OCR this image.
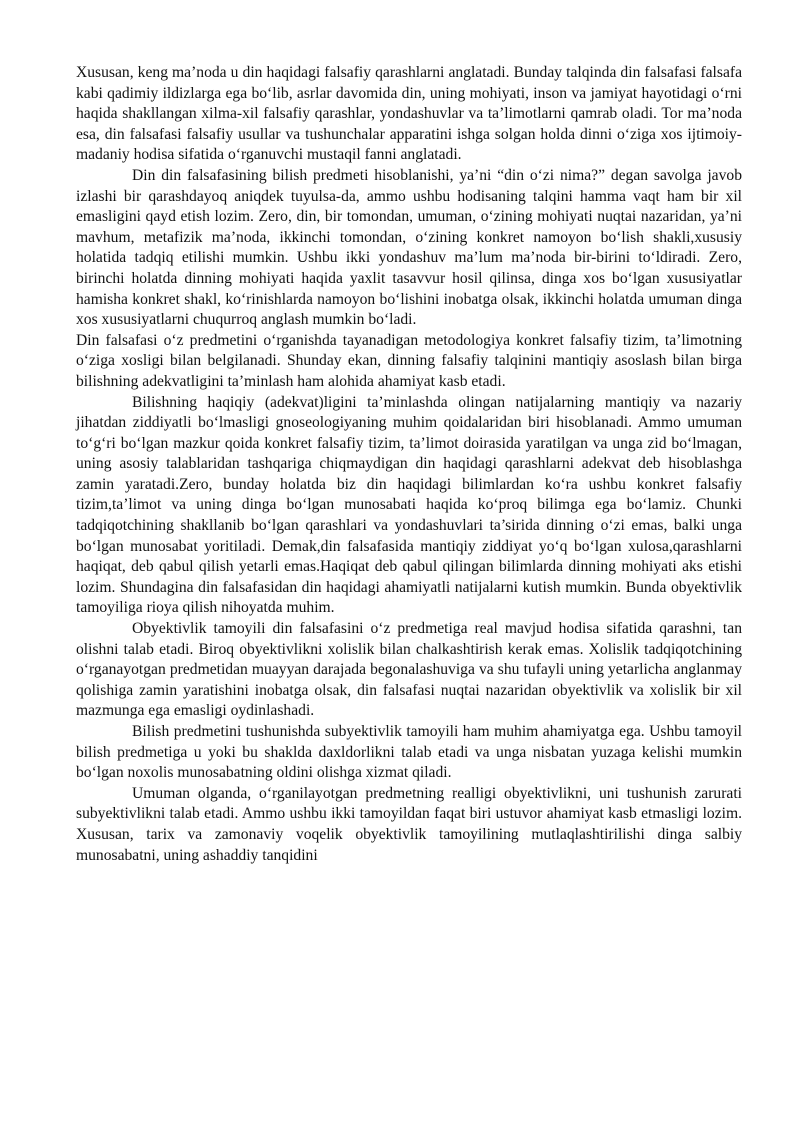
Xususan, keng ma’noda u din haqidagi falsafiy qarashlarni anglatadi. Bunday talqinda din falsafasi falsafa kabi qadimiy ildizlarga ega bo‘lib, asrlar davomida din, uning mohiyati, inson va jamiyat hayotidagi o‘rni haqida shakllangan xilma-xil falsafiy qarashlar, yondashuvlar va ta’limotlarni qamrab oladi. Tor ma’noda esa, din falsafasi falsafiy usullar va tushunchalar apparatini ishga solgan holda dinni o‘ziga xos ijtimoiy-madaniy hodisa sifatida o‘rganuvchi mustaqil fanni anglatadi.

Din din falsafasining bilish predmeti hisoblanishi, ya’ni “din o‘zi nima?” degan savolga javob izlashi bir qarashdayoq aniqdek tuyulsa-da, ammo ushbu hodisaning talqini hamma vaqt ham bir xil emasligini qayd etish lozim. Zero, din, bir tomondan, umuman, o‘zining mohiyati nuqtai nazaridan, ya’ni mavhum, metafizik ma’noda, ikkinchi tomondan, o‘zining konkret namoyon bo‘lish shakli,xususiy holatida tadqiq etilishi mumkin. Ushbu ikki yondashuv ma’lum ma’noda bir-birini to‘ldiradi. Zero, birinchi holatda dinning mohiyati haqida yaxlit tasavvur hosil qilinsa, dinga xos bo‘lgan xususiyatlar hamisha konkret shakl, ko‘rinishlarda namoyon bo‘lishini inobatga olsak, ikkinchi holatda umuman dinga xos xususiyatlarni chuqurroq anglash mumkin bo‘ladi.

Din falsafasi o‘z predmetini o‘rganishda tayanadigan metodologiya konkret falsafiy tizim, ta’limotning o‘ziga xosligi bilan belgilanadi. Shunday ekan, dinning falsafiy talqinini mantiqiy asoslash bilan birga bilishning adekvatligini ta’minlash ham alohida ahamiyat kasb etadi.

Bilishning haqiqiy (adekvat)ligini ta’minlashda olingan natijalarning mantiqiy va nazariy jihatdan ziddiyatli bo‘lmasligi gnoseologiyaning muhim qoidalaridan biri hisoblanadi. Ammo umuman to‘g‘ri bo‘lgan mazkur qoida konkret falsafiy tizim, ta’limot doirasida yaratilgan va unga zid bo‘lmagan, uning asosiy talablaridan tashqariga chiqmaydigan din haqidagi qarashlarni adekvat deb hisoblashga zamin yaratadi.Zero, bunday holatda biz din haqidagi bilimlardan ko‘ra ushbu konkret falsafiy tizim,ta’limot va uning dinga bo‘lgan munosabati haqida ko‘proq bilimga ega bo‘lamiz. Chunki tadqiqotchining shakllanib bo‘lgan qarashlari va yondashuvlari ta’sirida dinning o‘zi emas, balki unga bo‘lgan munosabat yoritiladi. Demak,din falsafasida mantiqiy ziddiyat yo‘q bo‘lgan xulosa,qarashlarni haqiqat, deb qabul qilish yetarli emas.Haqiqat deb qabul qilingan bilimlarda dinning mohiyati aks etishi lozim. Shundagina din falsafasidan din haqidagi ahamiyatli natijalarni kutish mumkin. Bunda obyektivlik tamoyiliga rioya qilish nihoyatda muhim.

Obyektivlik tamoyili din falsafasini o‘z predmetiga real mavjud hodisa sifatida qarashni, tan olishni talab etadi. Biroq obyektivlikni xolislik bilan chalkashtirish kerak emas. Xolislik tadqiqotchining o‘rganayotgan predmetidan muayyan darajada begonalashuviga va shu tufayli uning yetarlicha anglanmay qolishiga zamin yaratishini inobatga olsak, din falsafasi nuqtai nazaridan obyektivlik va xolislik bir xil mazmunga ega emasligi oydinlashadi.

Bilish predmetini tushunishda subyektivlik tamoyili ham muhim ahamiyatga ega. Ushbu tamoyil bilish predmetiga u yoki bu shaklda daxldorlikni talab etadi va unga nisbatan yuzaga kelishi mumkin bo‘lgan noxolis munosabatning oldini olishga xizmat qiladi.

Umuman olganda, o‘rganilayotgan predmetning realligi obyektivlikni, uni tushunish zarurati subyektivlikni talab etadi. Ammo ushbu ikki tamoyildan faqat biri ustuvor ahamiyat kasb etmasligi lozim. Xususan, tarix va zamonaviy voqelik obyektivlik tamoyilining mutlaqlashtirilishi dinga salbiy munosabatni, uning ashaddiy tanqidini
